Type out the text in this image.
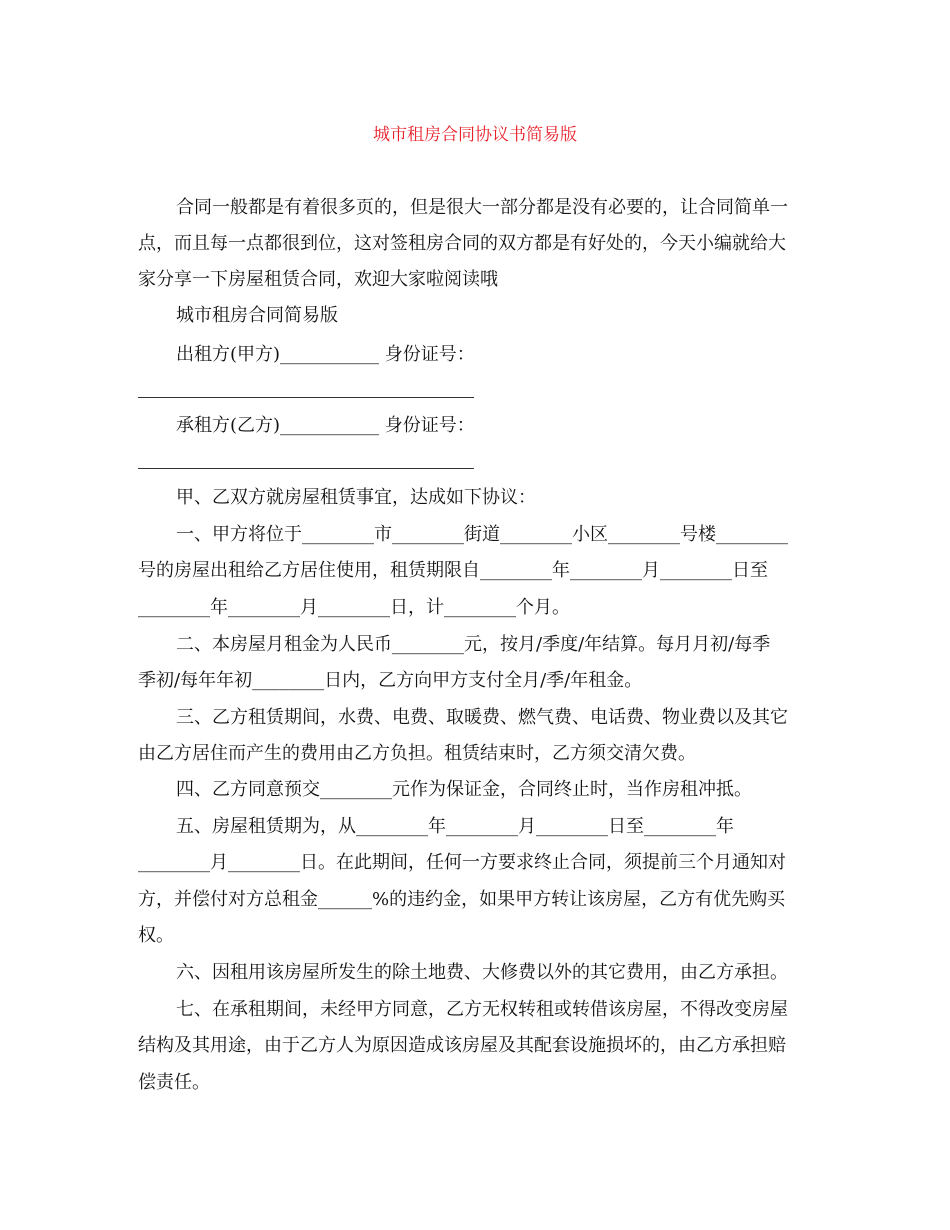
城市租房合同协议书简易版
合同一般都是有着很多页的，但是很大一部分都是没有必要的，让合同简单一
点，而且每一点都很到位，这对签租房合同的双方都是有好处的，今天小编就给大
家分享一下房屋租赁合同，欢迎大家啦阅读哦
城市租房合同简易版
出租方(甲方)___________ 身份证号：
承租方(乙方)___________ 身份证号：
甲、乙双方就房屋租赁事宜，达成如下协议：
一、甲方将位于________市________街道________小区________号楼________
号的房屋出租给乙方居住使用，租赁期限自________年________月________日至
________年________月________日，计________个月。
二、本房屋月租金为人民币________元，按月/季度/年结算。每月月初/每季
季初/每年年初________日内，乙方向甲方支付全月/季/年租金。
三、乙方租赁期间，水费、电费、取暖费、燃气费、电话费、物业费以及其它
由乙方居住而产生的费用由乙方负担。租赁结束时，乙方须交清欠费。
四、乙方同意预交________元作为保证金，合同终止时，当作房租冲抵。
五、房屋租赁期为，从________年________月________日至________年
________月________日。在此期间，任何一方要求终止合同，须提前三个月通知对
方，并偿付对方总租金______%的违约金，如果甲方转让该房屋，乙方有优先购买
权。
六、因租用该房屋所发生的除土地费、大修费以外的其它费用，由乙方承担。
七、在承租期间，未经甲方同意，乙方无权转租或转借该房屋，不得改变房屋
结构及其用途，由于乙方人为原因造成该房屋及其配套设施损坏的，由乙方承担赔
偿责任。
